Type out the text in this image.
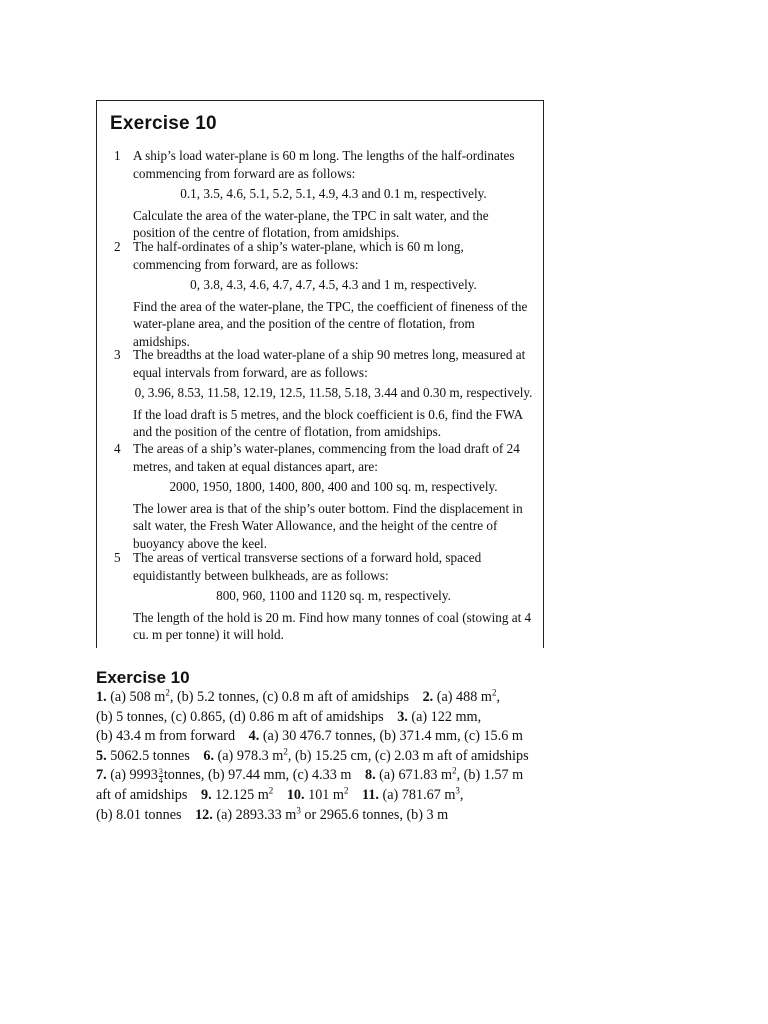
Exercise 10
1 A ship’s load water-plane is 60 m long. The lengths of the half-ordinates commencing from forward are as follows:
0.1, 3.5, 4.6, 5.1, 5.2, 5.1, 4.9, 4.3 and 0.1 m, respectively.
Calculate the area of the water-plane, the TPC in salt water, and the position of the centre of flotation, from amidships.
2 The half-ordinates of a ship’s water-plane, which is 60 m long, commencing from forward, are as follows:
0, 3.8, 4.3, 4.6, 4.7, 4.7, 4.5, 4.3 and 1 m, respectively.
Find the area of the water-plane, the TPC, the coefficient of fineness of the water-plane area, and the position of the centre of flotation, from amidships.
3 The breadths at the load water-plane of a ship 90 metres long, measured at equal intervals from forward, are as follows:
0, 3.96, 8.53, 11.58, 12.19, 12.5, 11.58, 5.18, 3.44 and 0.30 m, respectively.
If the load draft is 5 metres, and the block coefficient is 0.6, find the FWA and the position of the centre of flotation, from amidships.
4 The areas of a ship’s water-planes, commencing from the load draft of 24 metres, and taken at equal distances apart, are:
2000, 1950, 1800, 1400, 800, 400 and 100 sq. m, respectively.
The lower area is that of the ship’s outer bottom. Find the displacement in salt water, the Fresh Water Allowance, and the height of the centre of buoyancy above the keel.
5 The areas of vertical transverse sections of a forward hold, spaced equidistantly between bulkheads, are as follows:
800, 960, 1100 and 1120 sq. m, respectively.
The length of the hold is 20 m. Find how many tonnes of coal (stowing at 4 cu. m per tonne) it will hold.
Exercise 10
1. (a) 508 $m^2$, (b) 5.2 tonnes, (c) 0.8 m aft of amidships 2. (a) 488 $m^2$,
(b) 5 tonnes, (c) 0.865, (d) 0.86 m aft of amidships 3. (a) 122 mm,
(b) 43.4 m from forward 4. (a) 30 476.7 tonnes, (b) 371.4 mm, (c) 15.6 m
5. 5062.5 tonnes 6. (a) 978.3 $m^2$, (b) 15.25 cm, (c) 2.03 m aft of amidships
7. (a) $9993 \frac{3}{4}$ tonnes, (b) 97.44 mm, (c) 4.33 m 8. (a) 671.83 $m^2$, (b) 1.57 m
aft of amidships 9. 12.125 $m^2$ 10. 101 $m^2$ 11. (a) 781.67 $m^3$,
(b) 8.01 tonnes 12. (a) 2893.33 $m^3$ or 2965.6 tonnes, (b) 3 m
